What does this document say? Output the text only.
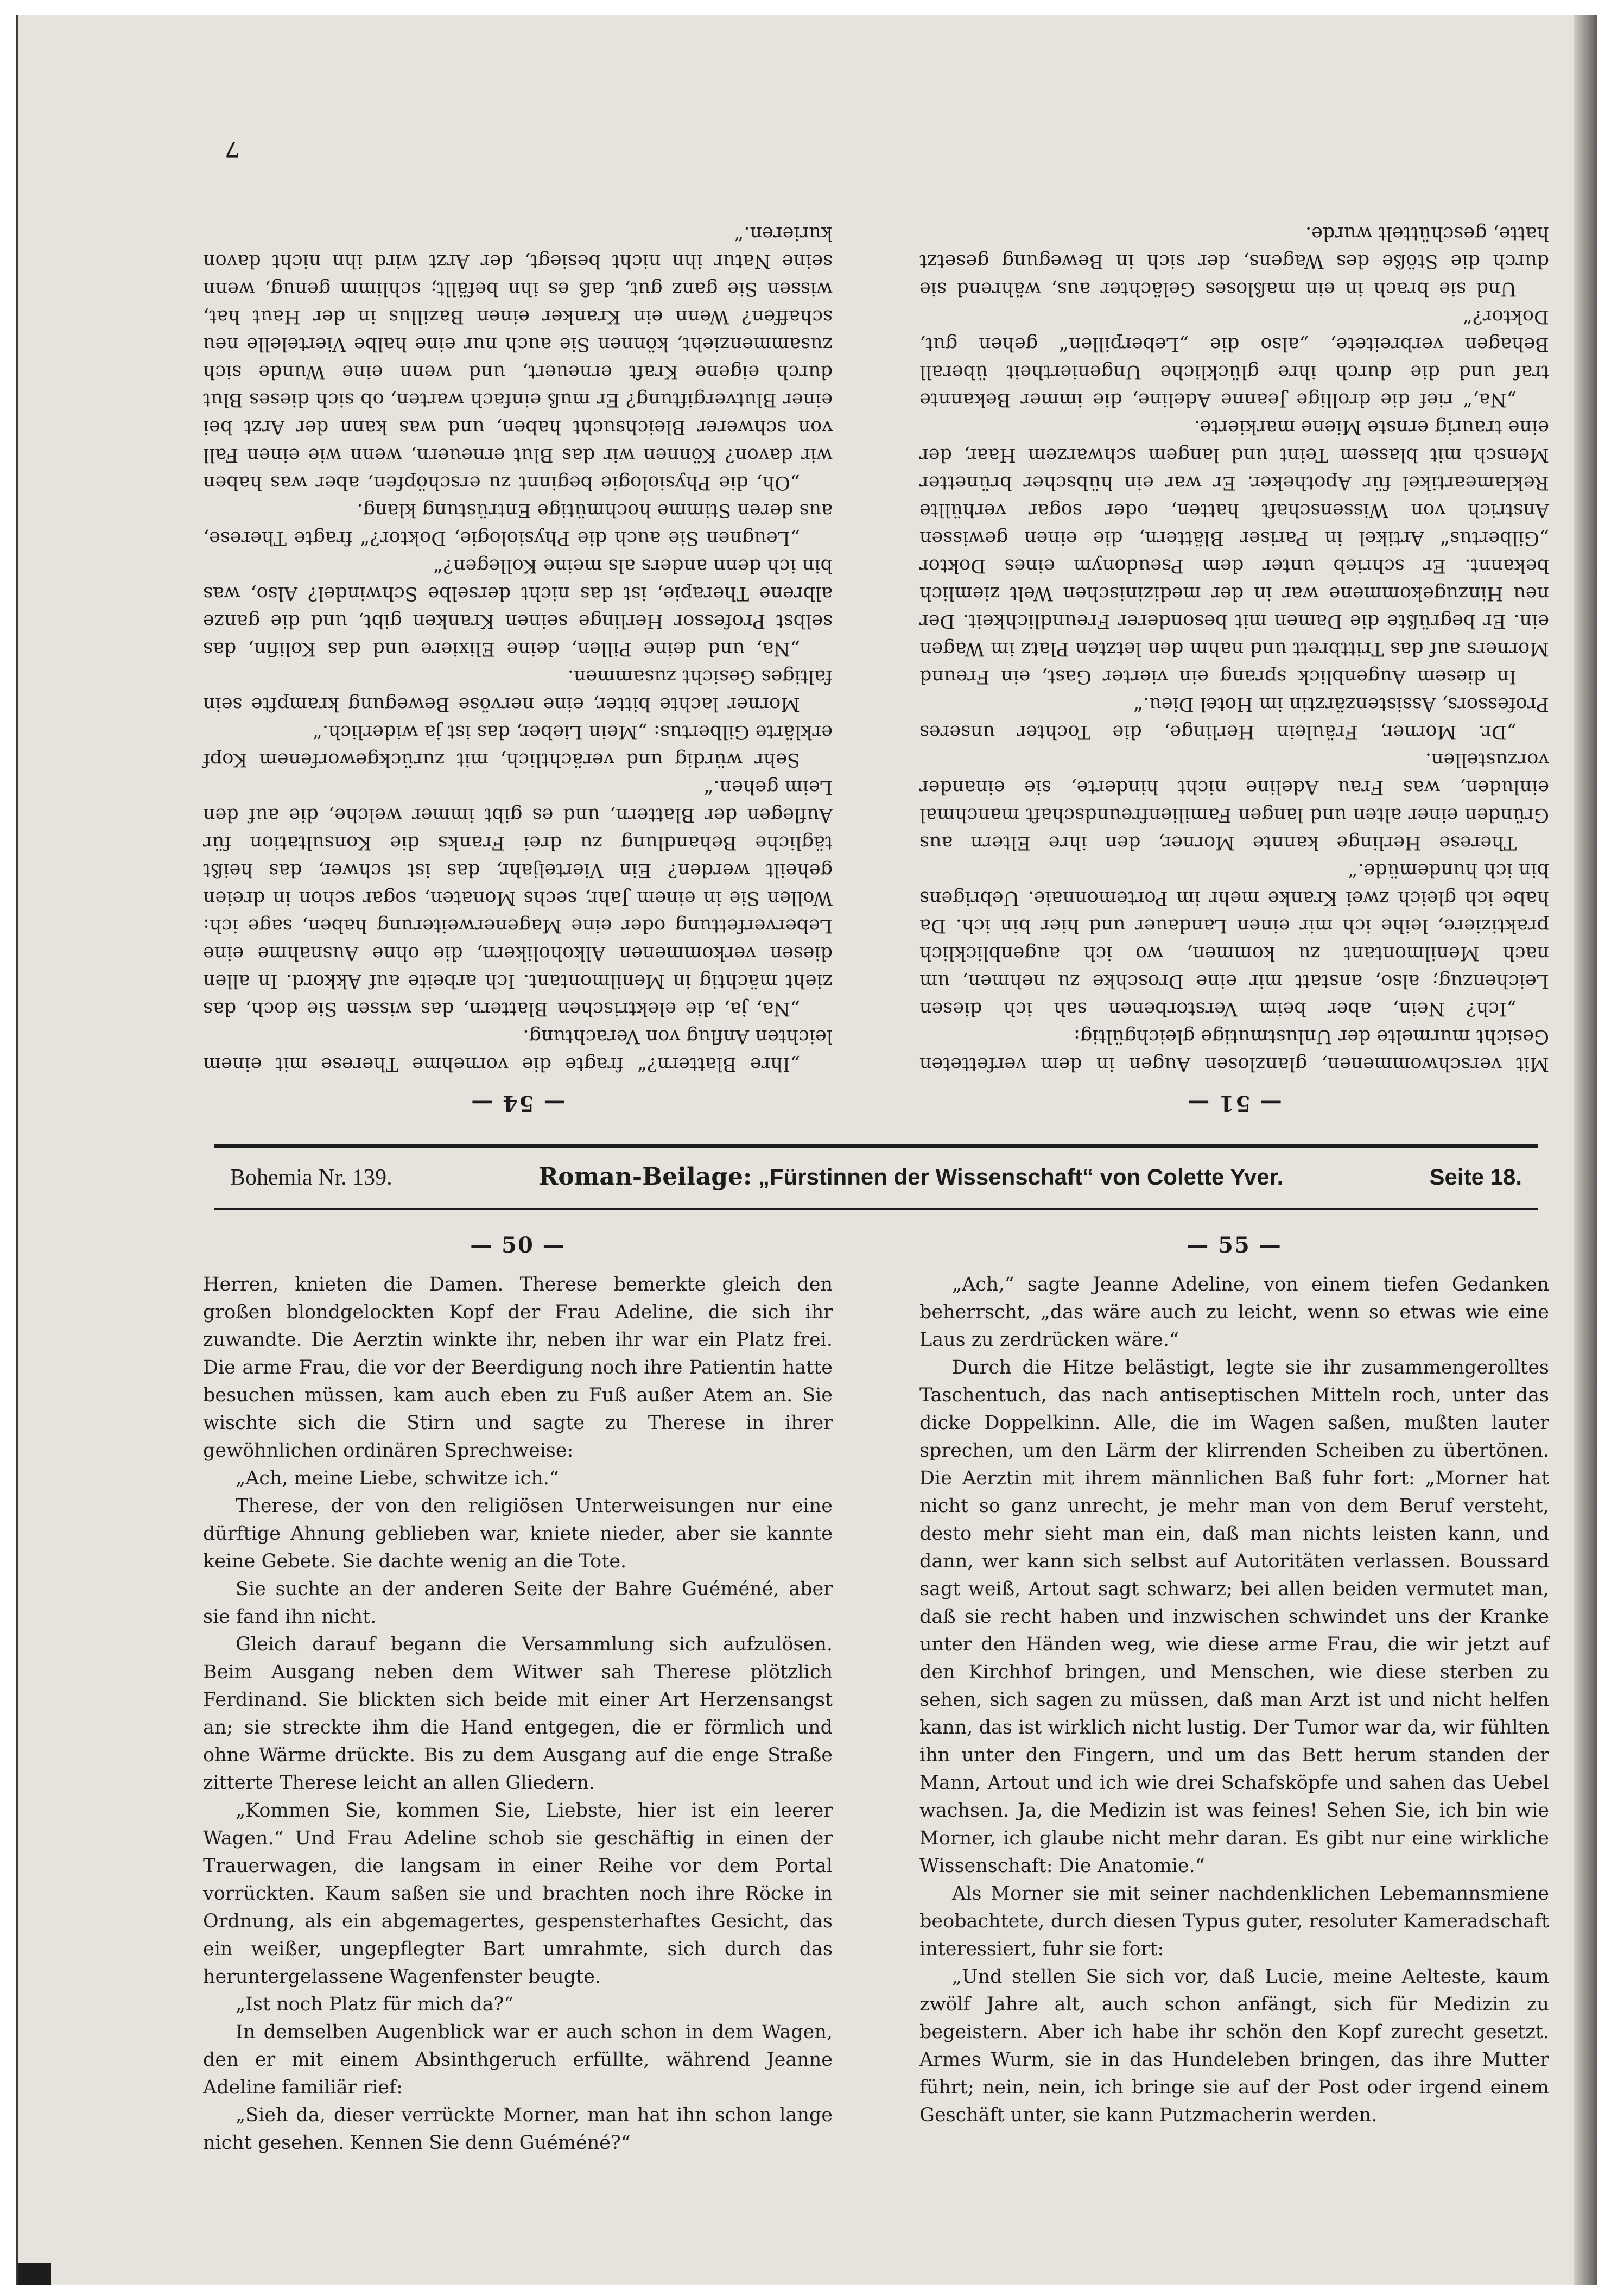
— 51 —

Mit verschwommenen, glanzlosen Augen in dem verfetteten Gesicht murmelte der Unlustmutige gleichgültig:

„Ich? Nein, aber beim Verstorbenen sah ich diesen Leichenzug; also, anstatt mir eine Droschke zu nehmen, um nach Menilmontant zu kommen, wo ich augenblicklich praktiziere, leihe ich mir einen Landauer und hier bin ich. Da habe ich gleich zwei Kranke mehr im Portemonnaie. Uebrigens bin ich hundemüde.“

Therese Herlinge kannte Morner, den ihre Eltern aus Gründen einer alten und langen Familienfreundschaft manchmal einluden, was Frau Adeline nicht hinderte, sie einander vorzustellen.

„Dr. Morner, Fräulein Herlinge, die Tochter unseres Professors, Assistenzärztin im Hotel Dieu.“

In diesem Augenblick sprang ein vierter Gast, ein Freund Morners auf das Trittbrett und nahm den letzten Platz im Wagen ein. Er begrüßte die Damen mit besonderer Freundlichkeit. Der neu Hinzugekommene war in der medizinischen Welt ziemlich bekannt. Er schrieb unter dem Pseudonym eines Doktor „Gilbertus“ Artikel in Pariser Blättern, die einen gewissen Anstrich von Wissenschaft hatten, oder sogar verhüllte Reklameartikel für Apotheker. Er war ein hübscher brünetter Mensch mit blassem Teint und langem schwarzem Haar, der eine traurig ernste Miene markierte.

„Na,“ rief die drollige Jeanne Adeline, die immer Bekannte traf und die durch ihre glückliche Ungeniertheit überall Behagen verbreitete, „also die „Leberpillen“ gehen gut, Doktor?“

Und sie brach in ein maßloses Gelächter aus, während sie durch die Stöße des Wagens, der sich in Bewegung gesetzt hatte, geschüttelt wurde.

— 54 —

„Ihre Blattern?“ fragte die vornehme Therese mit einem leichten Anflug von Verachtung.

„Na, ja, die elektrischen Blattern, das wissen Sie doch, das zieht mächtig in Menilmontant. Ich arbeite auf Akkord. In allen diesen verkommenen Alkoholikern, die ohne Ausnahme eine Leberverfettung oder eine Magenerweiterung haben, sage ich: Wollen Sie in einem Jahr, sechs Monaten, sogar schon in dreien geheilt werden? Ein Vierteljahr, das ist schwer, das heißt tägliche Behandlung zu drei Franks die Konsultation für Auflegen der Blattern, und es gibt immer welche, die auf den Leim gehen.“

Sehr würdig und verächtlich, mit zurückgeworfenem Kopf erklärte Gilbertus: „Mein Lieber, das ist ja widerlich.“

Morner lachte bitter, eine nervöse Bewegung krampfte sein faltiges Gesicht zusammen.

„Na, und deine Pillen, deine Elixiere und das Kolifin, das selbst Professor Herlinge seinen Kranken gibt, und die ganze albrene Therapie, ist das nicht derselbe Schwindel? Also, was bin ich denn anders als meine Kollegen?“

„Leugnen Sie auch die Physiologie, Doktor?“ fragte Therese, aus deren Stimme hochmütige Entrüstung klang.

„Oh, die Physiologie beginnt zu erschöpfen, aber was haben wir davon? Können wir das Blut erneuern, wenn wie einen Fall von schwerer Bleichsucht haben, und was kann der Arzt bei einer Blutvergiftung? Er muß einfach warten, ob sich dieses Blut durch eigene Kraft erneuert, und wenn eine Wunde sich zusammenzieht, können Sie auch nur eine halbe Viertelelle neu schaffen? Wenn ein Kranker einen Bazillus in der Haut hat, wissen Sie ganz gut, daß es ihn befällt; schlimm genug, wenn seine Natur ihn nicht besiegt, der Arzt wird ihn nicht davon kurieren.“

7
Bohemia Nr. 139.	Roman-Beilage: „Fürstinnen der Wissenschaft“ von Colette Yver.	Seite 18.
— 50 —

Herren, knieten die Damen. Therese bemerkte gleich den großen blondgelockten Kopf der Frau Adeline, die sich ihr zuwandte. Die Aerztin winkte ihr, neben ihr war ein Platz frei. Die arme Frau, die vor der Beerdigung noch ihre Patientin hatte besuchen müssen, kam auch eben zu Fuß außer Atem an. Sie wischte sich die Stirn und sagte zu Therese in ihrer gewöhnlichen ordinären Sprechweise:

„Ach, meine Liebe, schwitze ich.“

Therese, der von den religiösen Unterweisungen nur eine dürftige Ahnung geblieben war, kniete nieder, aber sie kannte keine Gebete. Sie dachte wenig an die Tote.

Sie suchte an der anderen Seite der Bahre Guéméné, aber sie fand ihn nicht.

Gleich darauf begann die Versammlung sich aufzulösen. Beim Ausgang neben dem Witwer sah Therese plötzlich Ferdinand. Sie blickten sich beide mit einer Art Herzensangst an; sie streckte ihm die Hand entgegen, die er förmlich und ohne Wärme drückte. Bis zu dem Ausgang auf die enge Straße zitterte Therese leicht an allen Gliedern.

„Kommen Sie, kommen Sie, Liebste, hier ist ein leerer Wagen.“ Und Frau Adeline schob sie geschäftig in einen der Trauerwagen, die langsam in einer Reihe vor dem Portal vorrückten. Kaum saßen sie und brachten noch ihre Röcke in Ordnung, als ein abgemagertes, gespensterhaftes Gesicht, das ein weißer, ungepflegter Bart umrahmte, sich durch das heruntergelassene Wagenfenster beugte.

„Ist noch Platz für mich da?“

In demselben Augenblick war er auch schon in dem Wagen, den er mit einem Absinthgeruch erfüllte, während Jeanne Adeline familiär rief:

„Sieh da, dieser verrückte Morner, man hat ihn schon lange nicht gesehen. Kennen Sie denn Guéméné?“

— 55 —

„Ach,“ sagte Jeanne Adeline, von einem tiefen Gedanken beherrscht, „das wäre auch zu leicht, wenn so etwas wie eine Laus zu zerdrücken wäre.“

Durch die Hitze belästigt, legte sie ihr zusammengerolltes Taschentuch, das nach antiseptischen Mitteln roch, unter das dicke Doppelkinn. Alle, die im Wagen saßen, mußten lauter sprechen, um den Lärm der klirrenden Scheiben zu übertönen. Die Aerztin mit ihrem männlichen Baß fuhr fort: „Morner hat nicht so ganz unrecht, je mehr man von dem Beruf versteht, desto mehr sieht man ein, daß man nichts leisten kann, und dann, wer kann sich selbst auf Autoritäten verlassen. Boussard sagt weiß, Artout sagt schwarz; bei allen beiden vermutet man, daß sie recht haben und inzwischen schwindet uns der Kranke unter den Händen weg, wie diese arme Frau, die wir jetzt auf den Kirchhof bringen, und Menschen, wie diese sterben zu sehen, sich sagen zu müssen, daß man Arzt ist und nicht helfen kann, das ist wirklich nicht lustig. Der Tumor war da, wir fühlten ihn unter den Fingern, und um das Bett herum standen der Mann, Artout und ich wie drei Schafsköpfe und sahen das Uebel wachsen. Ja, die Medizin ist was feines! Sehen Sie, ich bin wie Morner, ich glaube nicht mehr daran. Es gibt nur eine wirkliche Wissenschaft: Die Anatomie.“

Als Morner sie mit seiner nachdenklichen Lebemannsmiene beobachtete, durch diesen Typus guter, resoluter Kameradschaft interessiert, fuhr sie fort:

„Und stellen Sie sich vor, daß Lucie, meine Aelteste, kaum zwölf Jahre alt, auch schon anfängt, sich für Medizin zu begeistern. Aber ich habe ihr schön den Kopf zurecht gesetzt. Armes Wurm, sie in das Hundeleben bringen, das ihre Mutter führt; nein, nein, ich bringe sie auf der Post oder irgend einem Geschäft unter, sie kann Putzmacherin werden.
